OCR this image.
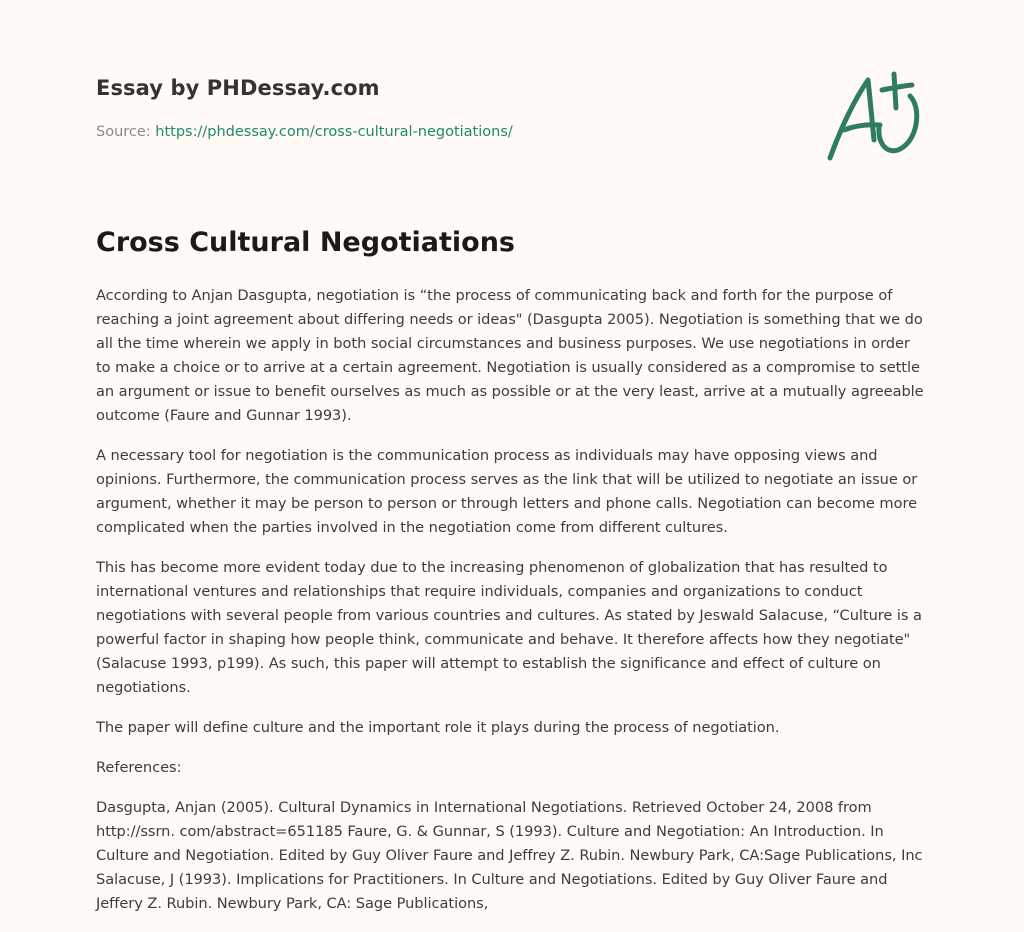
Essay by PHDessay.com
Source: https://phdessay.com/cross-cultural-negotiations/
Cross Cultural Negotiations

According to Anjan Dasgupta, negotiation is “the process of communicating back and forth for the purpose of reaching a joint agreement about differing needs or ideas" (Dasgupta 2005). Negotiation is something that we do all the time wherein we apply in both social circumstances and business purposes. We use negotiations in order to make a choice or to arrive at a certain agreement. Negotiation is usually considered as a compromise to settle an argument or issue to benefit ourselves as much as possible or at the very least, arrive at a mutually agreeable outcome (Faure and Gunnar 1993).

A necessary tool for negotiation is the communication process as individuals may have opposing views and opinions. Furthermore, the communication process serves as the link that will be utilized to negotiate an issue or argument, whether it may be person to person or through letters and phone calls. Negotiation can become more complicated when the parties involved in the negotiation come from different cultures.

This has become more evident today due to the increasing phenomenon of globalization that has resulted to international ventures and relationships that require individuals, companies and organizations to conduct negotiations with several people from various countries and cultures. As stated by Jeswald Salacuse, “Culture is a powerful factor in shaping how people think, communicate and behave. It therefore affects how they negotiate" (Salacuse 1993, p199). As such, this paper will attempt to establish the significance and effect of culture on negotiations.

The paper will define culture and the important role it plays during the process of negotiation.

References:

Dasgupta, Anjan (2005). Cultural Dynamics in International Negotiations. Retrieved October 24, 2008 from http://ssrn. com/abstract=651185 Faure, G. & Gunnar, S (1993). Culture and Negotiation: An Introduction. In Culture and Negotiation. Edited by Guy Oliver Faure and Jeffrey Z. Rubin. Newbury Park, CA:Sage Publications, Inc Salacuse, J (1993). Implications for Practitioners. In Culture and Negotiations. Edited by Guy Oliver Faure and Jeffery Z. Rubin. Newbury Park, CA: Sage Publications,
